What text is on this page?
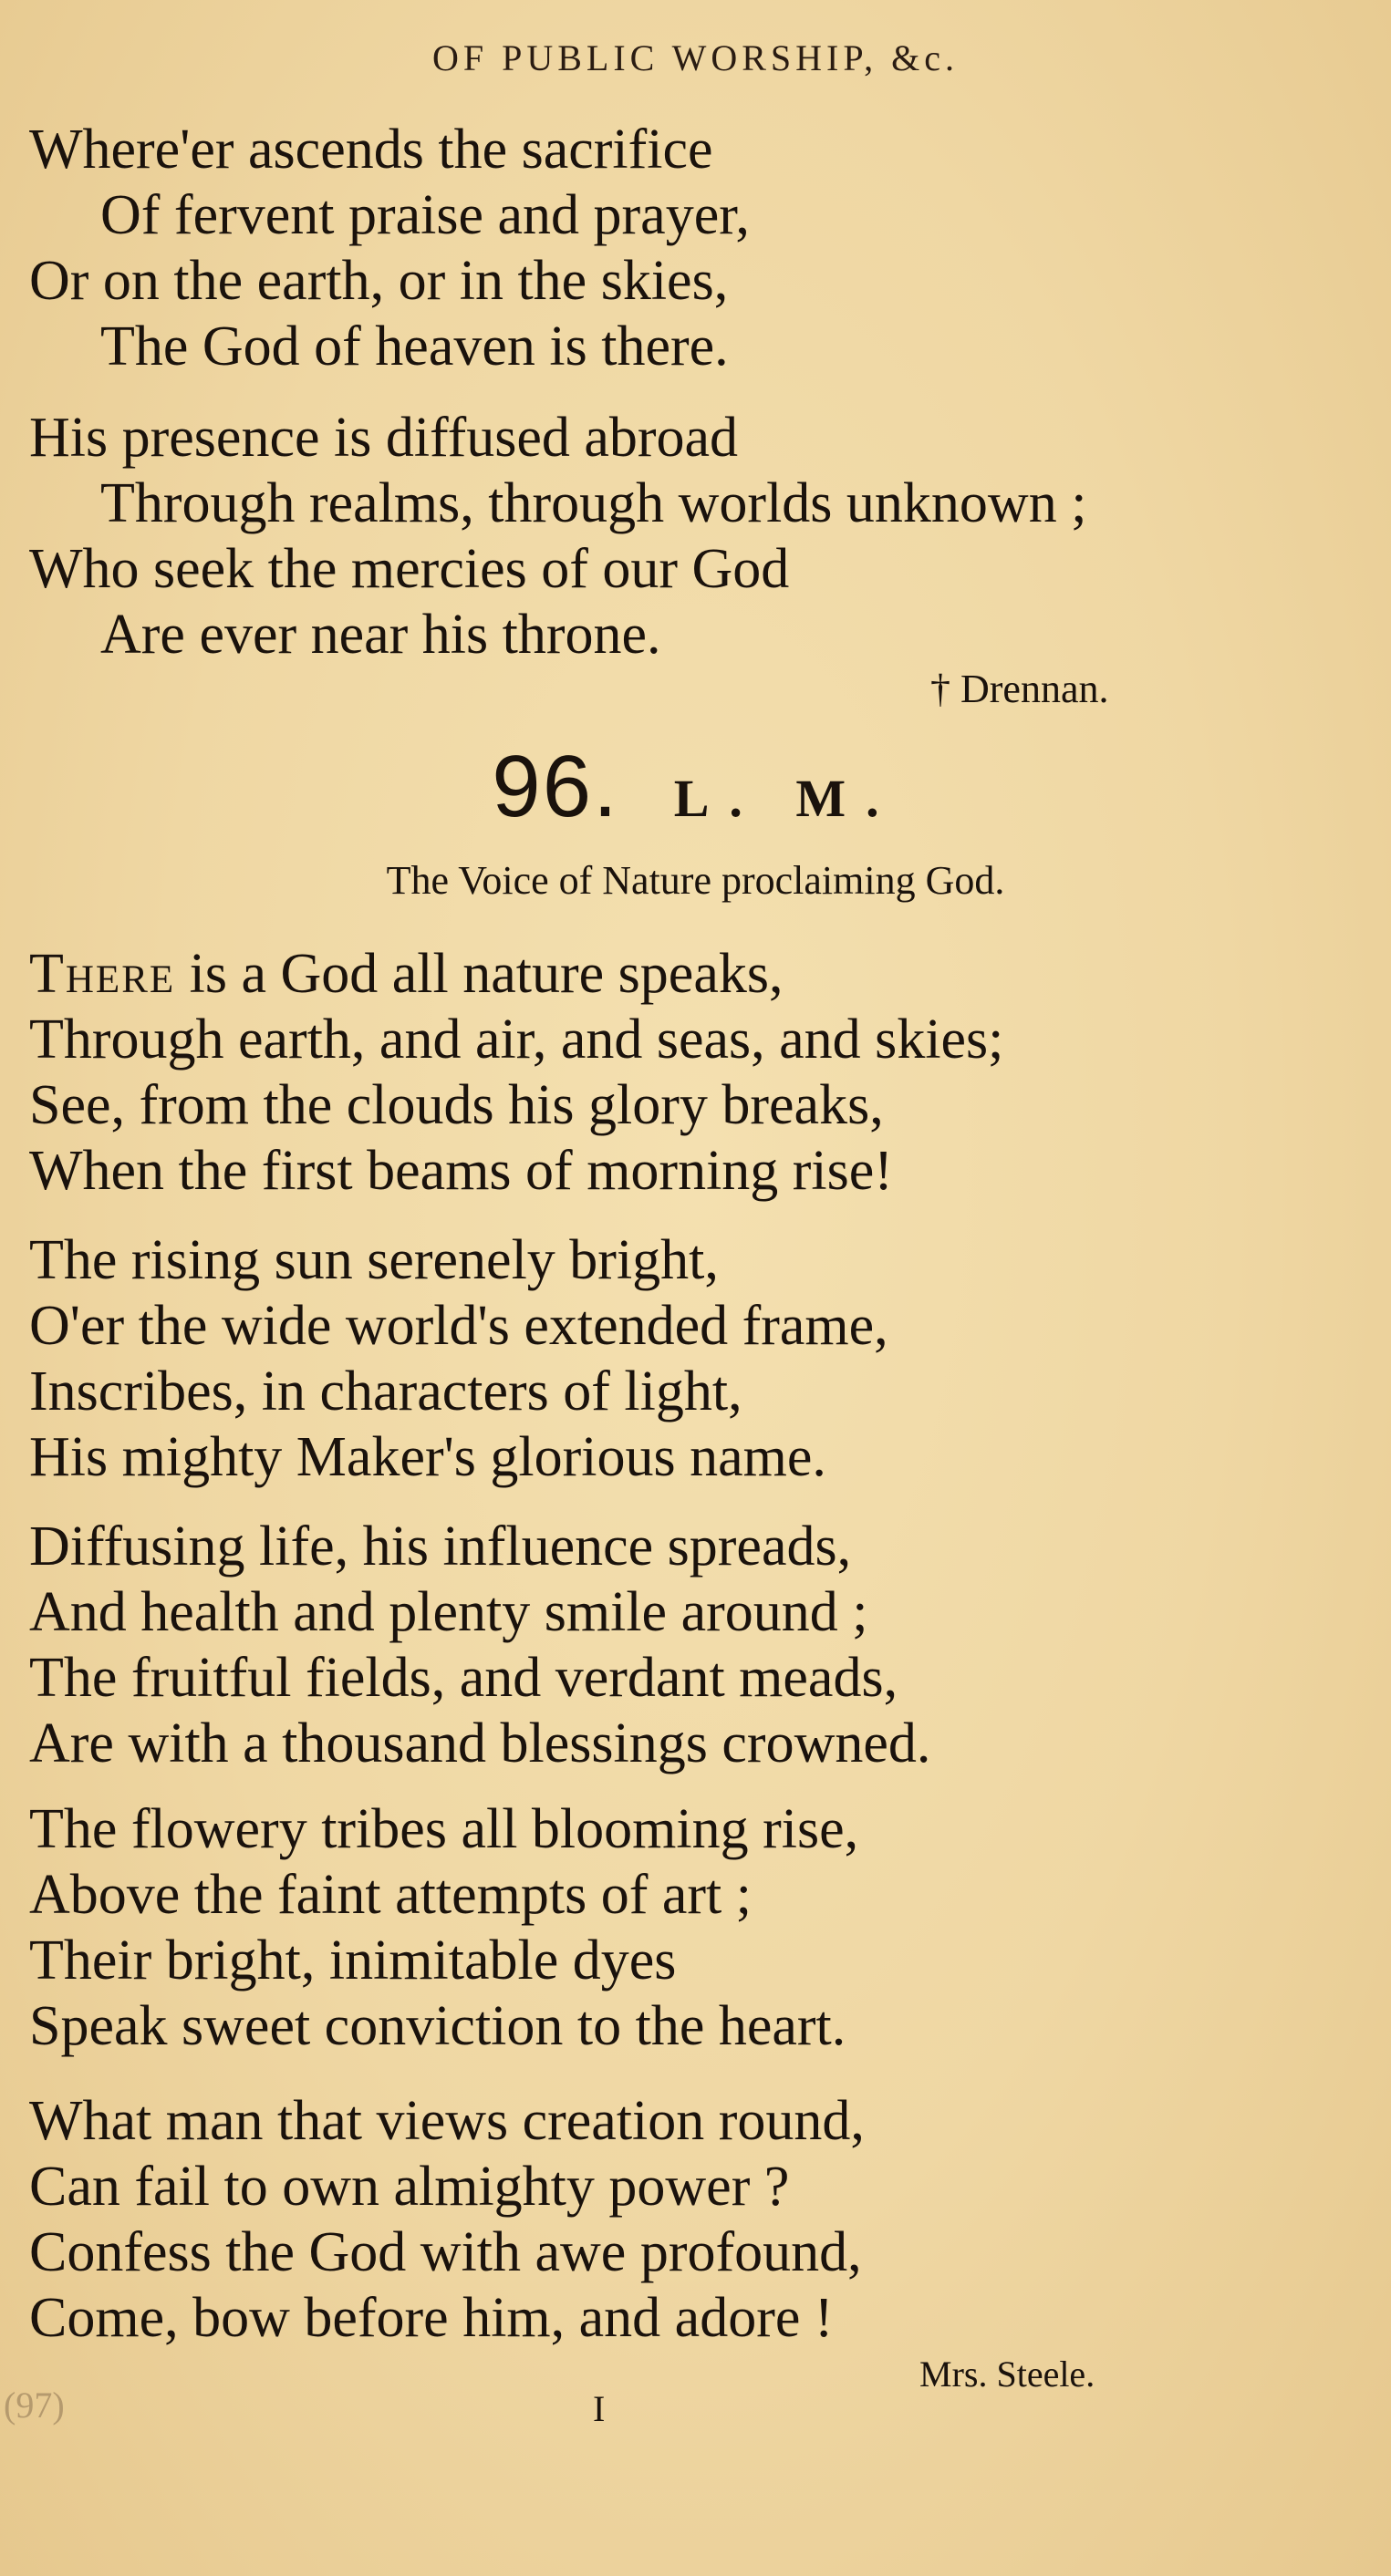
OF PUBLIC WORSHIP, &c.
Where'er ascends the sacrifice
Of fervent praise and prayer,
Or on the earth, or in the skies,
The God of heaven is there.
His presence is diffused abroad
Through realms, through worlds unknown ;
Who seek the mercies of our God
Are ever near his throne.
† Drennan.
96. L. M.
The Voice of Nature proclaiming God.
There is a God all nature speaks,
Through earth, and air, and seas, and skies;
See, from the clouds his glory breaks,
When the first beams of morning rise!
The rising sun serenely bright,
O'er the wide world's extended frame,
Inscribes, in characters of light,
His mighty Maker's glorious name.
Diffusing life, his influence spreads,
And health and plenty smile around ;
The fruitful fields, and verdant meads,
Are with a thousand blessings crowned.
The flowery tribes all blooming rise,
Above the faint attempts of art ;
Their bright, inimitable dyes
Speak sweet conviction to the heart.
What man that views creation round,
Can fail to own almighty power ?
Confess the God with awe profound,
Come, bow before him, and adore !
Mrs. Steele.
(97)	I
